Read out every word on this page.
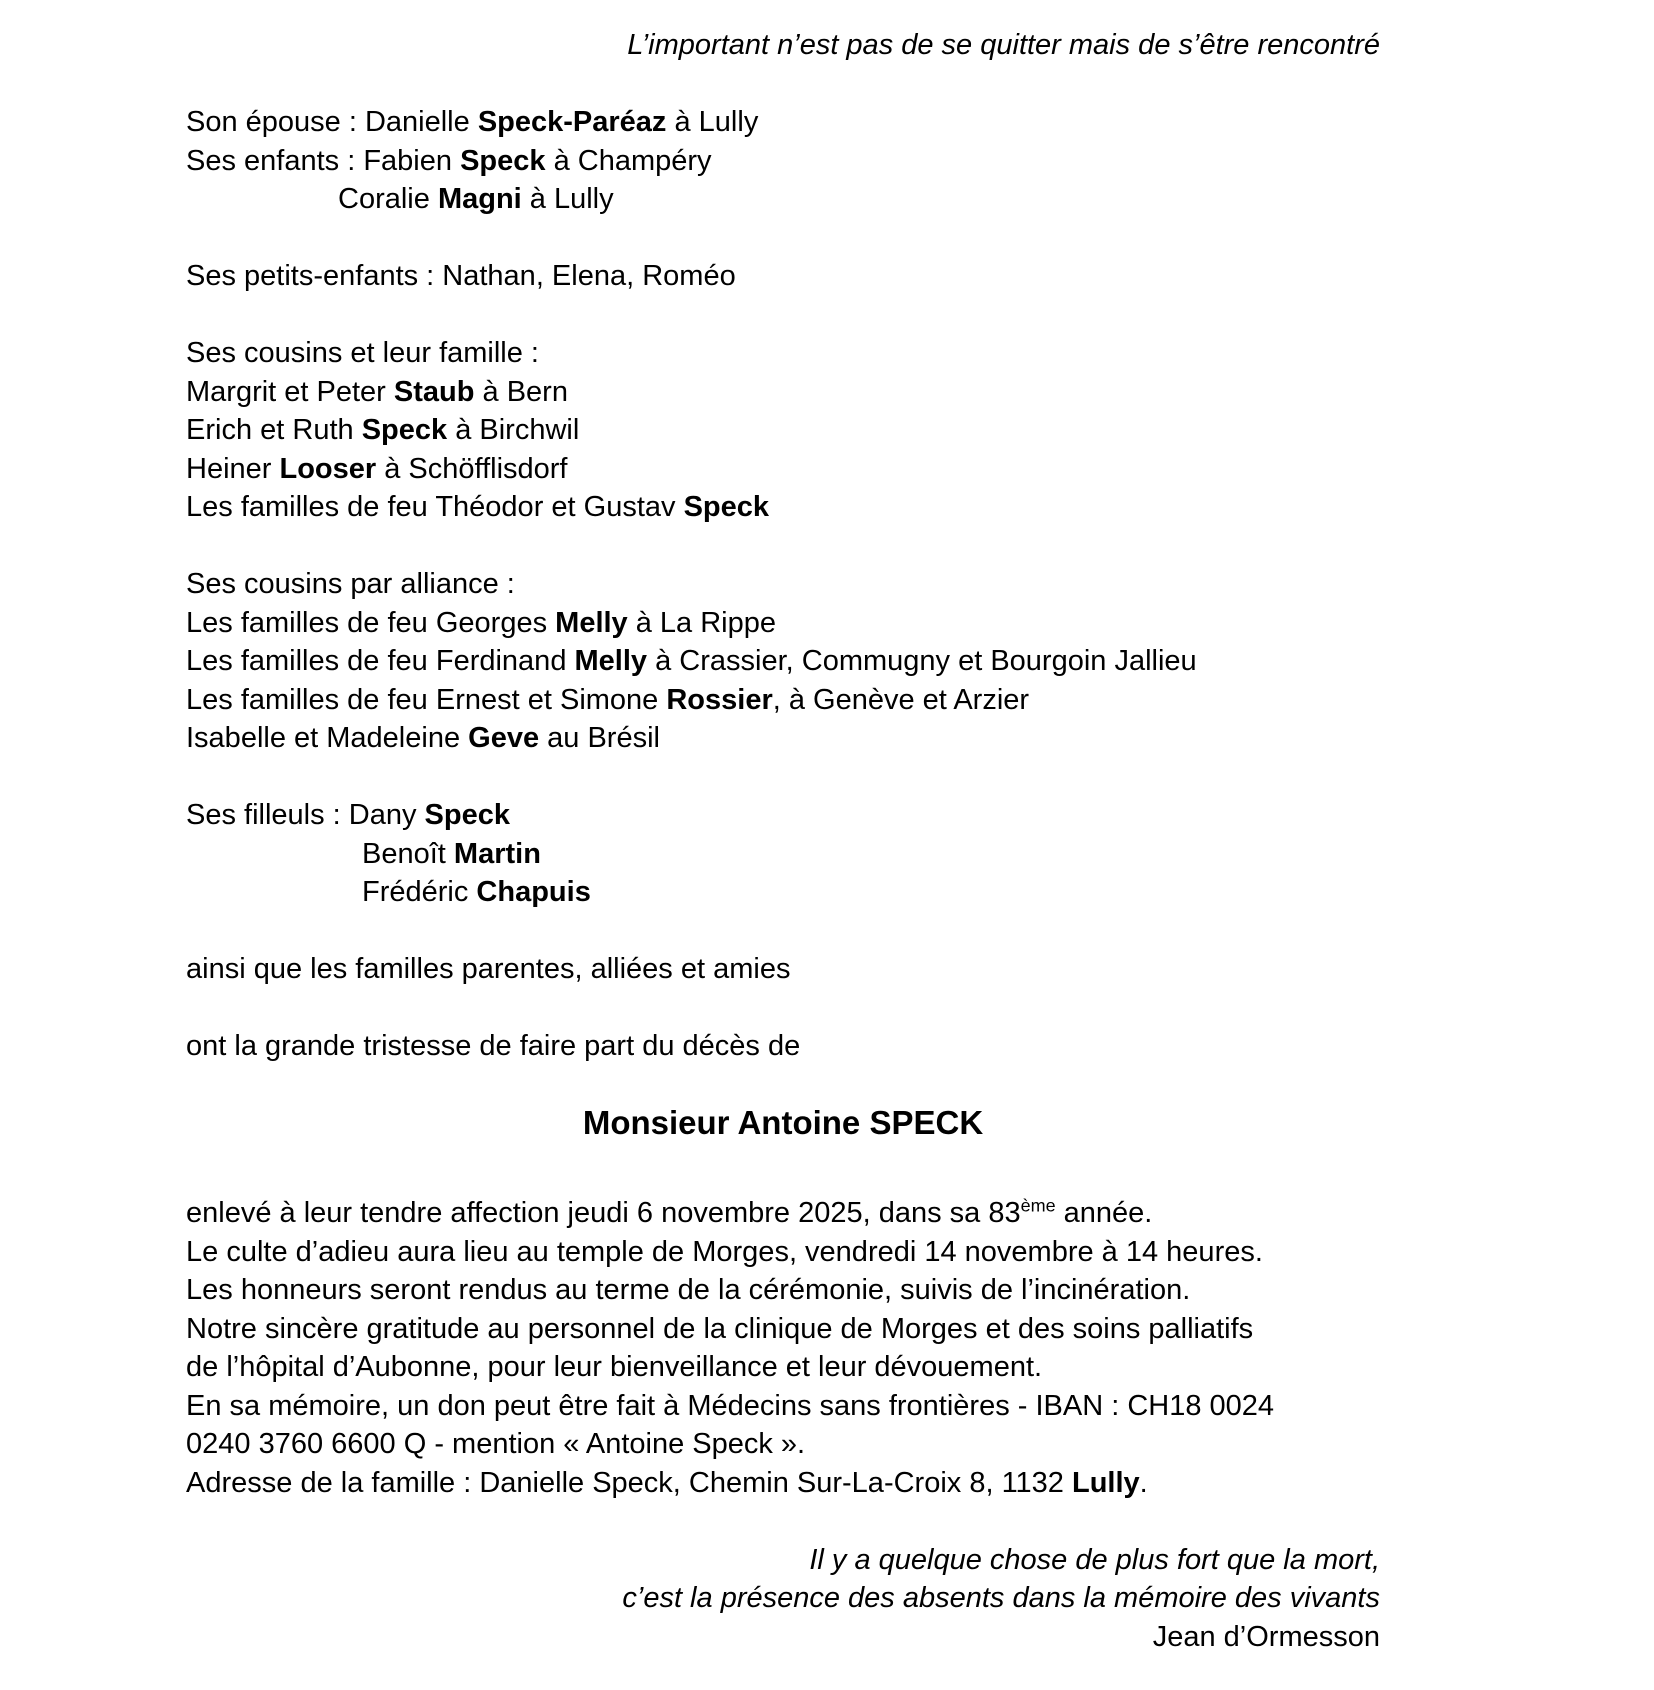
L’important n’est pas de se quitter mais de s’être rencontré

Son épouse : Danielle Speck-Paréaz à Lully
Ses enfants : Fabien Speck à Champéry
Coralie Magni à Lully

Ses petits-enfants : Nathan, Elena, Roméo

Ses cousins et leur famille :
Margrit et Peter Staub à Bern
Erich et Ruth Speck à Birchwil
Heiner Looser à Schöfflisdorf
Les familles de feu Théodor et Gustav Speck

Ses cousins par alliance :
Les familles de feu Georges Melly à La Rippe
Les familles de feu Ferdinand Melly à Crassier, Commugny et Bourgoin Jallieu
Les familles de feu Ernest et Simone Rossier, à Genève et Arzier
Isabelle et Madeleine Geve au Brésil

Ses filleuls : Dany Speck
Benoît Martin
Frédéric Chapuis

ainsi que les familles parentes, alliées et amies

ont la grande tristesse de faire part du décès de

Monsieur Antoine SPECK

enlevé à leur tendre affection jeudi 6 novembre 2025, dans sa 83ème année.
Le culte d’adieu aura lieu au temple de Morges, vendredi 14 novembre à 14 heures.
Les honneurs seront rendus au terme de la cérémonie, suivis de l’incinération.
Notre sincère gratitude au personnel de la clinique de Morges et des soins palliatifs
de l’hôpital d’Aubonne, pour leur bienveillance et leur dévouement.
En sa mémoire, un don peut être fait à Médecins sans frontières - IBAN : CH18 0024
0240 3760 6600 Q - mention « Antoine Speck ».
Adresse de la famille : Danielle Speck, Chemin Sur-La-Croix 8, 1132 Lully.

Il y a quelque chose de plus fort que la mort,
c’est la présence des absents dans la mémoire des vivants
Jean d’Ormesson
